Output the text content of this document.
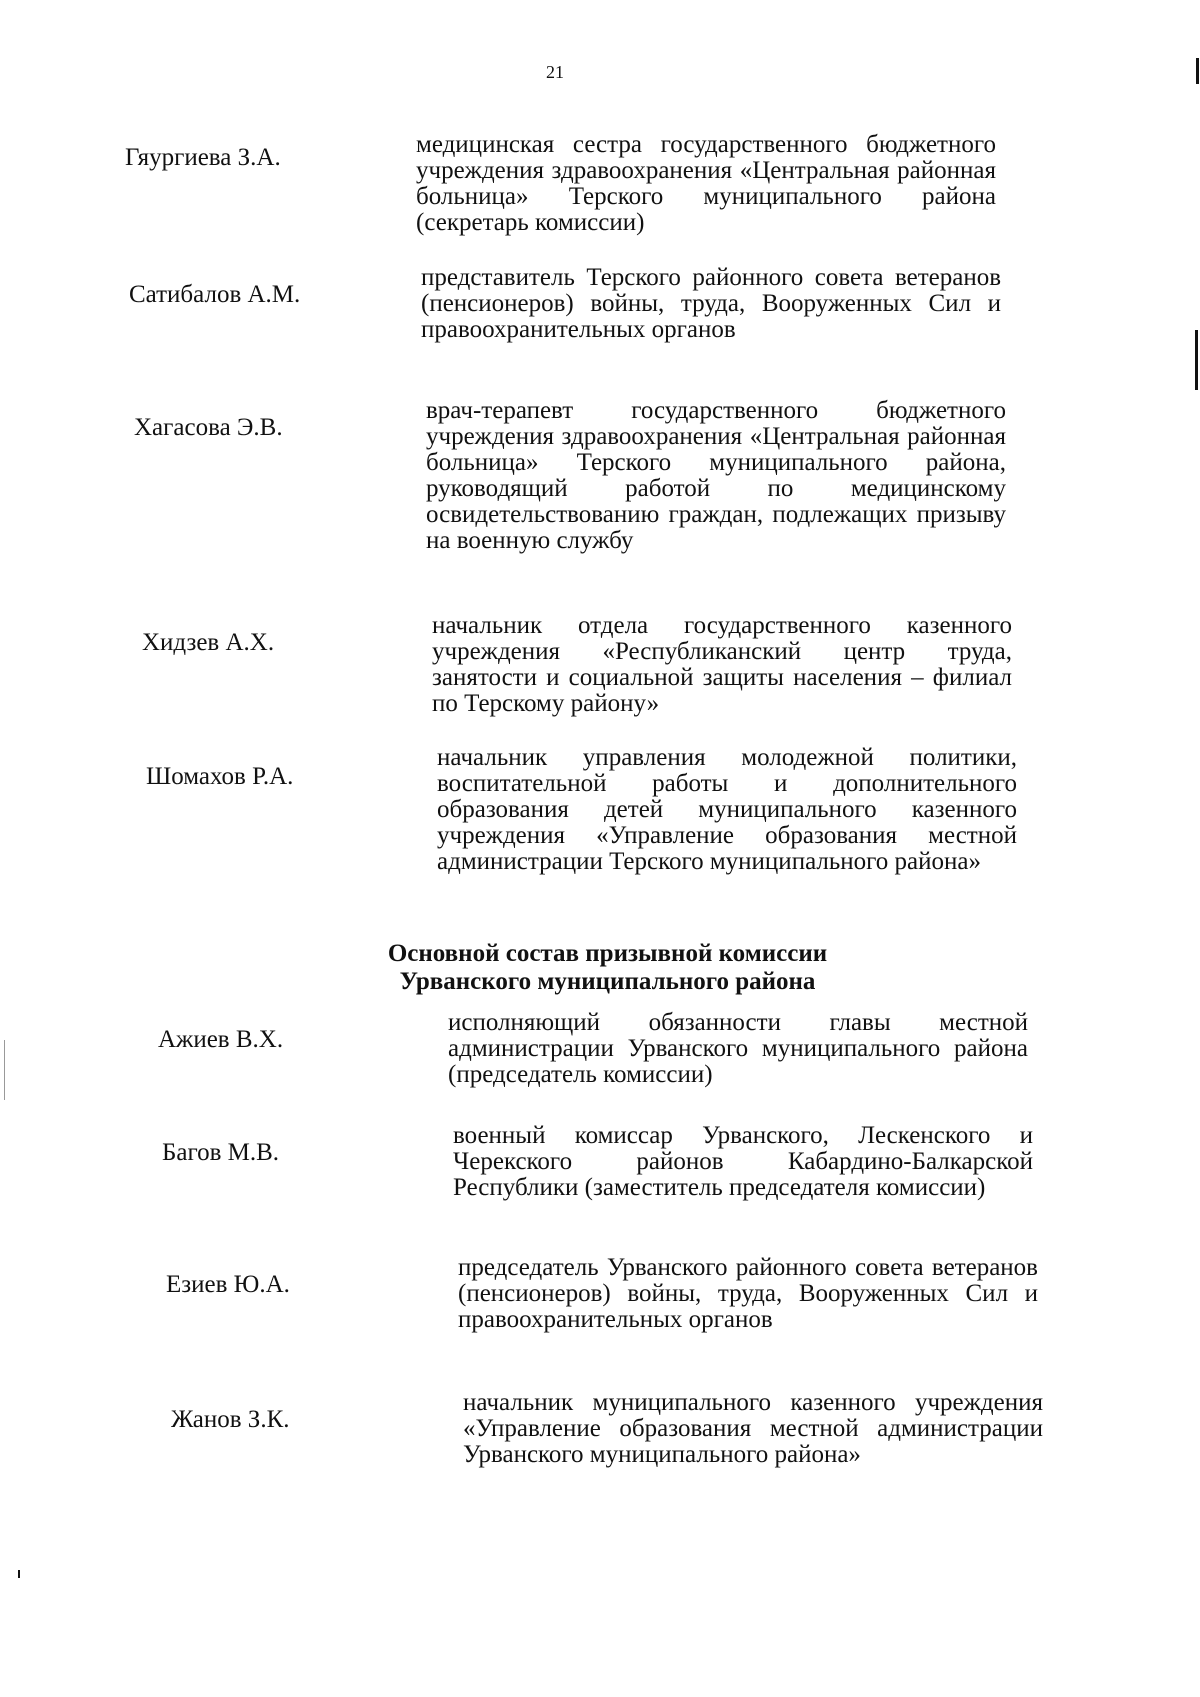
21
Гяургиева З.А.	медицинская сестра государственного бюджетного учреждения здравоохранения «Центральная районная больница» Терского муниципального района (секретарь комиссии)
Сатибалов А.М.
представитель Терского районного совета ветеранов (пенсионеров) войны, труда, Вооруженных Сил и правоохранительных органов
Хагасова Э.В.
врач-терапевт государственного бюджетного учреждения здравоохранения «Центральная районная больница» Терского муниципального района, руководящий работой по медицинскому освидетельствованию граждан, подлежащих призыву на военную службу
Хидзев А.Х.
начальник отдела государственного казенного учреждения «Республиканский центр труда, занятости и социальной защиты населения – филиал по Терскому району»
Шомахов Р.А.
начальник управления молодежной политики, воспитательной работы и дополнительного образования детей муниципального казенного учреждения «Управление образования местной администрации Терского муниципального района»
Основной состав призывной комиссии
Урванского муниципального района
Ажиев В.Х.
исполняющий обязанности главы местной администрации Урванского муниципального района (председатель комиссии)
Багов М.В.
военный комиссар Урванского, Лескенского и Черекского районов Кабардино-Балкарской Республики (заместитель председателя комиссии)
Езиев Ю.А.
председатель Урванского районного совета ветеранов (пенсионеров) войны, труда, Вооруженных Сил и правоохранительных органов
Жанов З.К.
начальник муниципального казенного учреждения «Управление образования местной администрации Урванского муниципального района»
